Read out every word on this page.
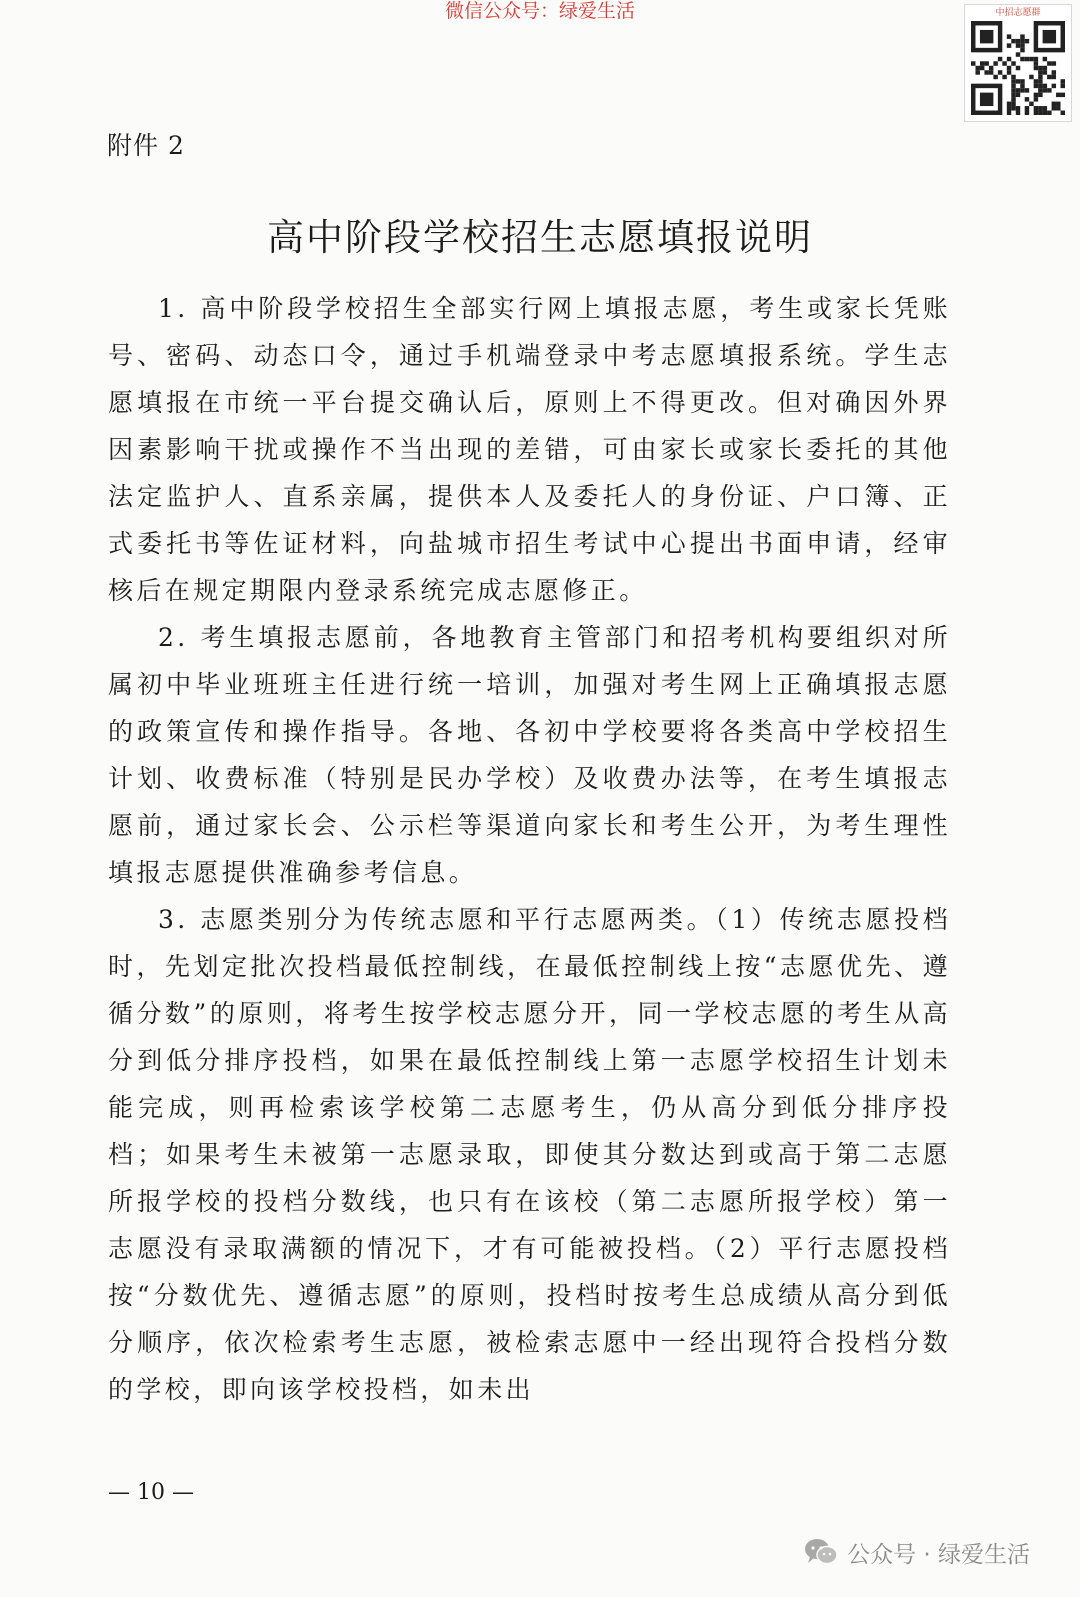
微信公众号：绿爱生活	中招志愿群
附件 2
高中阶段学校招生志愿填报说明

1. 高中阶段学校招生全部实行网上填报志愿，考生或家长凭账号、密码、动态口令，通过手机端登录中考志愿填报系统。学生志愿填报在市统一平台提交确认后，原则上不得更改。但对确因外界因素影响干扰或操作不当出现的差错，可由家长或家长委托的其他法定监护人、直系亲属，提供本人及委托人的身份证、户口簿、正式委托书等佐证材料，向盐城市招生考试中心提出书面申请，经审核后在规定期限内登录系统完成志愿修正。

2. 考生填报志愿前，各地教育主管部门和招考机构要组织对所属初中毕业班班主任进行统一培训，加强对考生网上正确填报志愿的政策宣传和操作指导。各地、各初中学校要将各类高中学校招生计划、收费标准（特别是民办学校）及收费办法等，在考生填报志愿前，通过家长会、公示栏等渠道向家长和考生公开，为考生理性填报志愿提供准确参考信息。

3. 志愿类别分为传统志愿和平行志愿两类。（1）传统志愿投档时，先划定批次投档最低控制线，在最低控制线上按“志愿优先、遵循分数”的原则，将考生按学校志愿分开，同一学校志愿的考生从高分到低分排序投档，如果在最低控制线上第一志愿学校招生计划未能完成，则再检索该学校第二志愿考生，仍从高分到低分排序投档；如果考生未被第一志愿录取，即使其分数达到或高于第二志愿所报学校的投档分数线，也只有在该校（第二志愿所报学校）第一志愿没有录取满额的情况下，才有可能被投档。（2）平行志愿投档按“分数优先、遵循志愿”的原则，投档时按考生总成绩从高分到低分顺序，依次检索考生志愿，被检索志愿中一经出现符合投档分数的学校，即向该学校投档，如未出

— 10 —
公众号 · 绿爱生活
